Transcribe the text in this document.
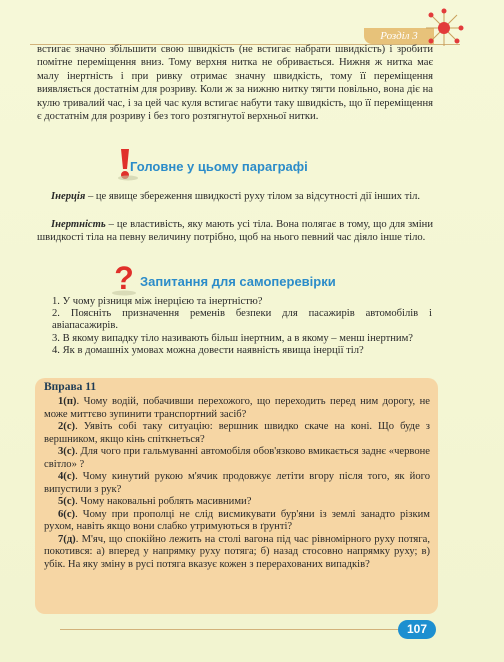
Розділ 3

встигає значно збільшити свою швидкість (не встигає набрати швидкість) і зробити помітне переміщення вниз. Тому верхня нитка не обривається. Нижня ж нитка має малу інертність і при ривку отримає значну швидкість, тому її переміщення виявляється достатнім для розриву. Коли ж за нижню нитку тягти повільно, вона діє на кулю тривалий час, і за цей час куля встигає набути таку швидкість, що її переміщення є достатнім для розриву і без того розтягнутої верхньої нитки.

Головне у цьому параграфі

Інерція – це явище збереження швидкості руху тілом за відсутності дії інших тіл.

Інертність – це властивість, яку мають усі тіла. Вона полягає в тому, що для зміни швидкості тіла на певну величину потрібно, щоб на нього певний час діяло інше тіло.

? Запитання для самоперевірки

1. У чому різниця між інерцією та інертністю?

2. Поясніть призначення ременів безпеки для пасажирів автомобілів і авіапасажирів.

3. В якому випадку тіло називають більш інертним, а в якому – менш інертним?

4. Як в домашніх умовах можна довести наявність явища інерції тіл?

Вправа 11

1(п). Чому водій, побачивши перехожого, що переходить перед ним дорогу, не може миттєво зупинити транспортний засіб?

2(с). Уявіть собі таку ситуацію: вершник швидко скаче на коні. Що буде з вершником, якщо кінь спіткнеться?

3(с). Для чого при гальмуванні автомобіля обов'язково вмикається заднє «червоне світло» ?

4(с). Чому кинутий рукою м'ячик продовжує летіти вгору після того, як його випустили з рук?

5(с). Чому наковальні роблять масивними?

6(с). Чому при прополці не слід висмикувати бур'яни із землі занадто різким рухом, навіть якщо вони слабко утримуються в ґрунті?

7(д). М'яч, що спокійно лежить на столі вагона під час рівномірного руху потяга, покотився: а) вперед у напрямку руху потяга; б) назад стосовно напрямку руху; в) убік. На яку зміну в русі потяга вказує кожен з перерахованих випадків?

107
